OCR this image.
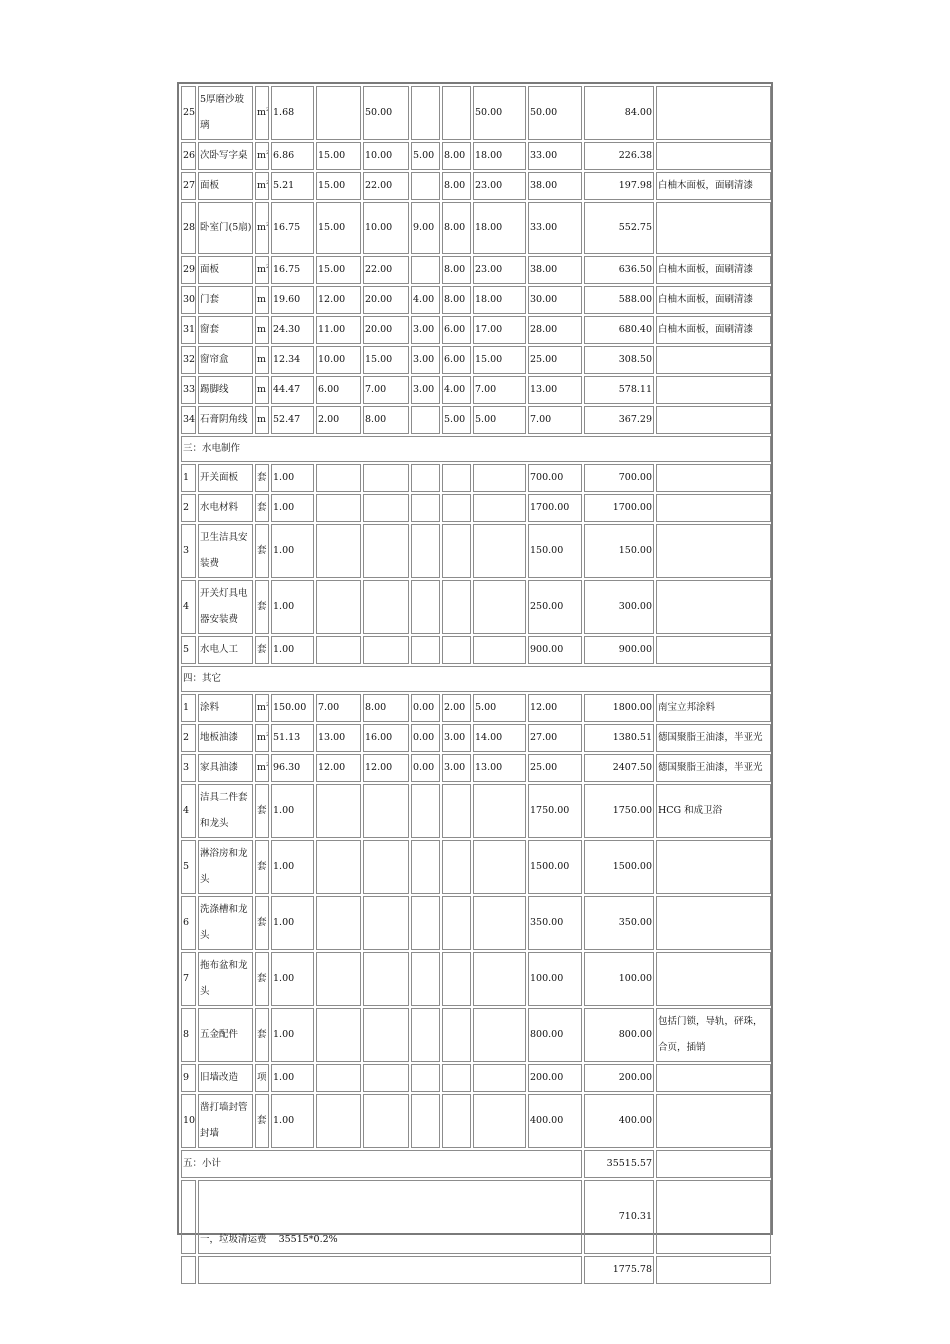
25	5厚磨沙玻璃	$m^2$	1.68		50.00			50.00	50.00	84.00	
26	次卧写字桌	$m^2$	6.86	15.00	10.00	5.00	8.00	18.00	33.00	226.38	
27	面板	$m^2$	5.21	15.00	22.00		8.00	23.00	38.00	197.98	白柚木面板，面刷清漆
28	卧室门(5扇)	$m^2$	16.75	15.00	10.00	9.00	8.00	18.00	33.00	552.75	
29	面板	$m^2$	16.75	15.00	22.00		8.00	23.00	38.00	636.50	白柚木面板，面刷清漆
30	门套	m	19.60	12.00	20.00	4.00	8.00	18.00	30.00	588.00	白柚木面板，面刷清漆
31	窗套	m	24.30	11.00	20.00	3.00	6.00	17.00	28.00	680.40	白柚木面板，面刷清漆
32	窗帘盒	m	12.34	10.00	15.00	3.00	6.00	15.00	25.00	308.50	
33	踢脚线	m	44.47	6.00	7.00	3.00	4.00	7.00	13.00	578.11	
34	石膏阴角线	m	52.47	2.00	8.00		5.00	5.00	7.00	367.29	
三：水电制作											
1	开关面板	套	1.00						700.00	700.00	
2	水电材料	套	1.00						1700.00	1700.00	
3	卫生洁具安装费	套	1.00						150.00	150.00	
4	开关灯具电器安装费	套	1.00						250.00	300.00	
5	水电人工	套	1.00						900.00	900.00	
四：其它											
1	涂料	$m^2$	150.00	7.00	8.00	0.00	2.00	5.00	12.00	1800.00	南宝立邦涂料
2	地板油漆	$m^2$	51.13	13.00	16.00	0.00	3.00	14.00	27.00	1380.51	德国聚脂王油漆，半亚光
3	家具油漆	$m^2$	96.30	12.00	12.00	0.00	3.00	13.00	25.00	2407.50	德国聚脂王油漆，半亚光
4	洁具二件套和龙头	套	1.00						1750.00	1750.00	HCG 和成卫浴
5	淋浴房和龙头	套	1.00						1500.00	1500.00	
6	洗涤槽和龙头	套	1.00						350.00	350.00	
7	拖布盆和龙头	套	1.00						100.00	100.00	
8	五金配件	套	1.00						800.00	800.00	包括门锁，导轨，砰珠，合页，插销
9	旧墙改造	项	1.00						200.00	200.00	
10	凿打墙封管封墙	套	1.00						400.00	400.00	
五：小计										35515.57	
	一，垃圾清运费    35515*0.2%									710.31	
										1775.78	
